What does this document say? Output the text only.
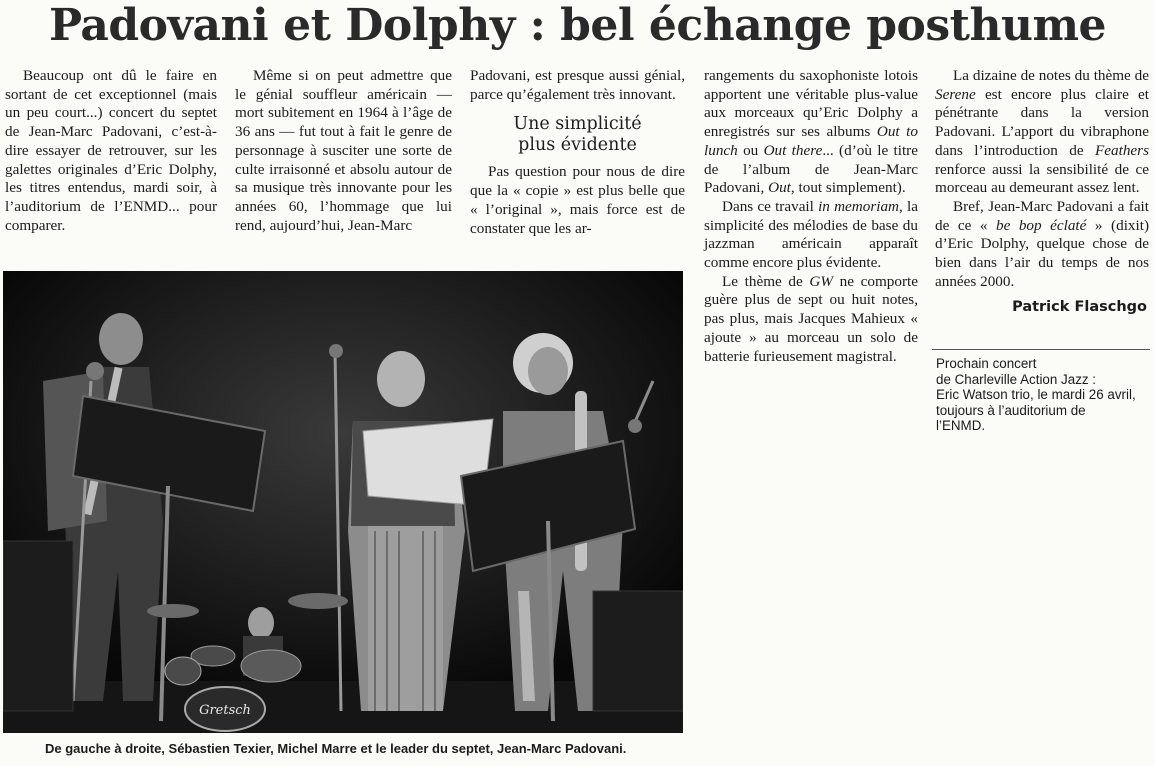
Padovani et Dolphy : bel échange posthume

Beaucoup ont dû le faire en sortant de cet exceptionnel (mais un peu court...) concert du septet de Jean-Marc Padovani, c’est-à-dire essayer de retrouver, sur les galettes originales d’Eric Dolphy, les titres entendus, mardi soir, à l’auditorium de l’ENMD... pour comparer.

Même si on peut admettre que le génial souffleur américain — mort subitement en 1964 à l’âge de 36 ans — fut tout à fait le genre de personnage à susciter une sorte de culte irraisonné et absolu autour de sa musique très innovante pour les années 60, l’hommage que lui rend, aujourd’hui, Jean-Marc

Padovani, est presque aussi génial, parce qu’également très innovant.

Une simplicité
plus évidente

Pas question pour nous de dire que la « copie » est plus belle que « l’original », mais force est de constater que les ar-

rangements du saxophoniste lotois apportent une véritable plus-value aux morceaux qu’Eric Dolphy a enregistrés sur ses albums Out to lunch ou Out there... (d’où le titre de l’album de Jean-Marc Padovani, Out, tout simplement).

Dans ce travail in memoriam, la simplicité des mélodies de base du jazzman américain apparaît comme encore plus évidente.

Le thème de GW ne comporte guère plus de sept ou huit notes, pas plus, mais Jacques Mahieux « ajoute » au morceau un solo de batterie furieusement magistral.

La dizaine de notes du thème de Serene est encore plus claire et pénétrante dans la version Padovani. L’apport du vibraphone dans l’introduction de Feathers renforce aussi la sensibilité de ce morceau au demeurant assez lent.

Bref, Jean-Marc Padovani a fait de ce « be bop éclaté » (dixit) d’Eric Dolphy, quelque chose de bien dans l’air du temps de nos années 2000.

Patrick Flaschgo
Prochain concert
de Charleville Action Jazz :
Eric Watson trio, le mardi 26 avril,
toujours à l’auditorium de
l’ENMD.
Gretsch
De gauche à droite, Sébastien Texier, Michel Marre et le leader du septet, Jean-Marc Padovani.
